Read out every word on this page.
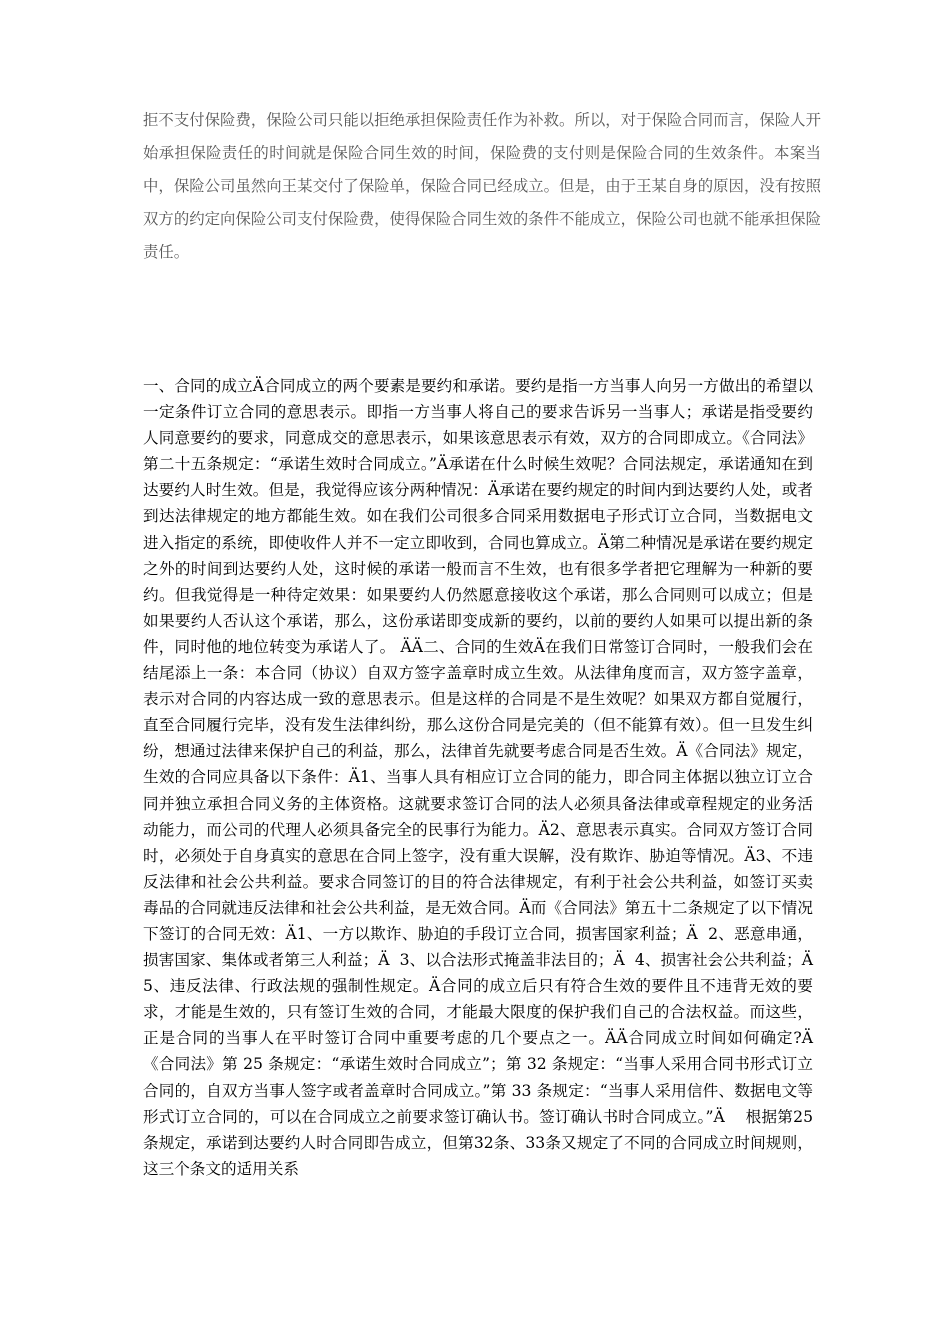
拒不支付保险费，保险公司只能以拒绝承担保险责任作为补救。所以，对于保险合同而言，保险人开始承担保险责任的时间就是保险合同生效的时间，保险费的支付则是保险合同的生效条件。本案当中，保险公司虽然向王某交付了保险单，保险合同已经成立。但是，由于王某自身的原因，没有按照双方的约定向保险公司支付保险费，使得保险合同生效的条件不能成立，保险公司也就不能承担保险责任。

一、合同的成立Ä合同成立的两个要素是要约和承诺。要约是指一方当事人向另一方做出的希望以一定条件订立合同的意思表示。即指一方当事人将自己的要求告诉另一当事人；承诺是指受要约人同意要约的要求，同意成交的意思表示，如果该意思表示有效，双方的合同即成立。《合同法》第二十五条规定：“承诺生效时合同成立。”Ä承诺在什么时候生效呢？合同法规定，承诺通知在到达要约人时生效。但是，我觉得应该分两种情况：Ä承诺在要约规定的时间内到达要约人处，或者到达法律规定的地方都能生效。如在我们公司很多合同采用数据电子形式订立合同，当数据电文进入指定的系统，即使收件人并不一定立即收到，合同也算成立。Ä第二种情况是承诺在要约规定之外的时间到达要约人处，这时候的承诺一般而言不生效，也有很多学者把它理解为一种新的要约。但我觉得是一种待定效果：如果要约人仍然愿意接收这个承诺，那么合同则可以成立；但是如果要约人否认这个承诺，那么，这份承诺即变成新的要约，以前的要约人如果可以提出新的条件，同时他的地位转变为承诺人了。 ÄÄ二、合同的生效Ä在我们日常签订合同时，一般我们会在结尾添上一条：本合同（协议）自双方签字盖章时成立生效。从法律角度而言，双方签字盖章，表示对合同的内容达成一致的意思表示。但是这样的合同是不是生效呢？如果双方都自觉履行，直至合同履行完毕，没有发生法律纠纷，那么这份合同是完美的（但不能算有效）。但一旦发生纠纷，想通过法律来保护自己的利益，那么，法律首先就要考虑合同是否生效。Ä《合同法》规定，生效的合同应具备以下条件：Ä1、当事人具有相应订立合同的能力，即合同主体据以独立订立合同并独立承担合同义务的主体资格。这就要求签订合同的法人必须具备法律或章程规定的业务活动能力，而公司的代理人必须具备完全的民事行为能力。Ä2、意思表示真实。合同双方签订合同时，必须处于自身真实的意思在合同上签字，没有重大误解，没有欺诈、胁迫等情况。Ä3、不违反法律和社会公共利益。要求合同签订的目的符合法律规定，有利于社会公共利益，如签订买卖毒品的合同就违反法律和社会公共利益，是无效合同。Ä而《合同法》第五十二条规定了以下情况下签订的合同无效：Ä1、一方以欺诈、胁迫的手段订立合同，损害国家利益；Ä  2、恶意串通，损害国家、集体或者第三人利益；Ä  3、以合法形式掩盖非法目的；Ä  4、损害社会公共利益；Ä  5、违反法律、行政法规的强制性规定。Ä合同的成立后只有符合生效的要件且不违背无效的要求，才能是生效的，只有签订生效的合同，才能最大限度的保护我们自己的合法权益。而这些，正是合同的当事人在平时签订合同中重要考虑的几个要点之一。ÄÄ合同成立时间如何确定?Ä    《合同法》第 25 条规定：“承诺生效时合同成立”；第 32 条规定：“当事人采用合同书形式订立合同的，自双方当事人签字或者盖章时合同成立。”第 33 条规定：“当事人采用信件、数据电文等形式订立合同的，可以在合同成立之前要求签订确认书。签订确认书时合同成立。”Ä    根据第25条规定，承诺到达要约人时合同即告成立，但第32条、33条又规定了不同的合同成立时间规则，这三个条文的适用关系
